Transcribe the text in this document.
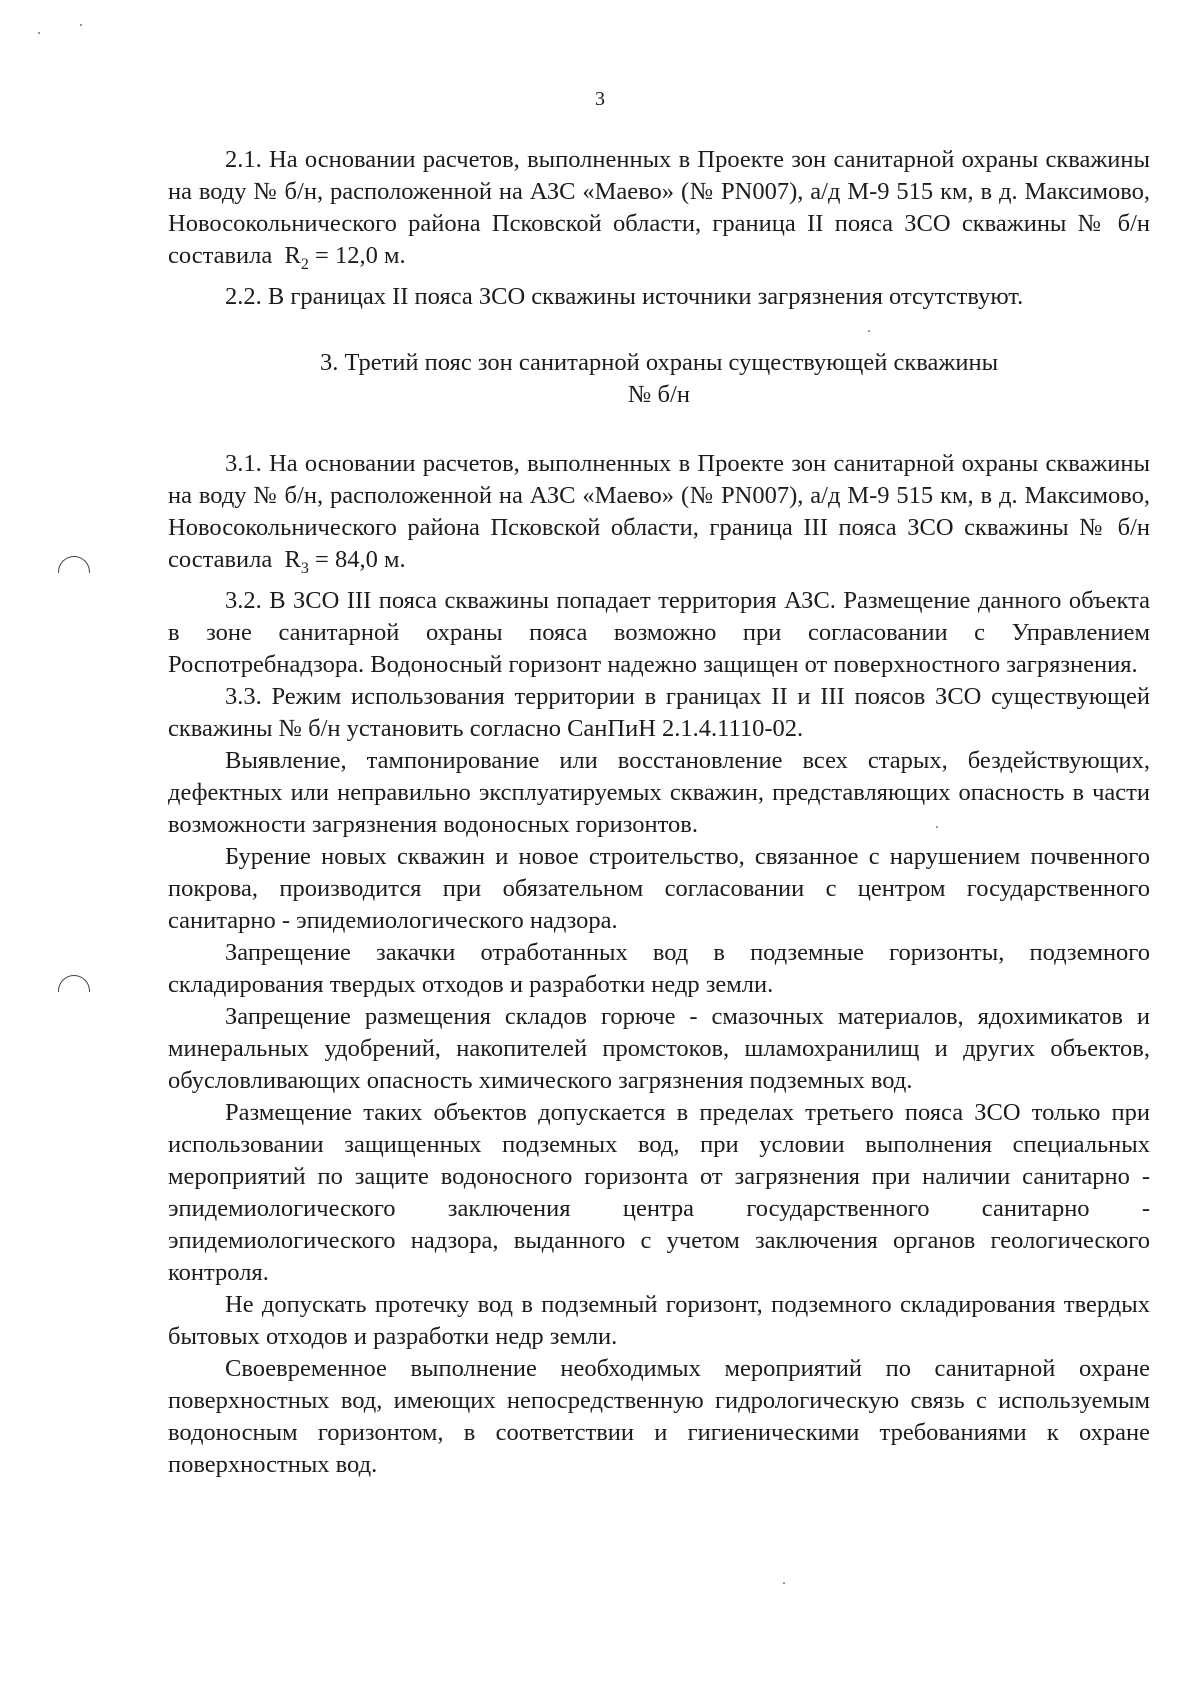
3

2.1. На основании расчетов, выполненных в Проекте зон санитарной охраны скважины на воду № б/н, расположенной на АЗС «Маево» (№ PN007), а/д М-9 515 км, в д. Максимово, Новосокольнического района Псковской области, граница II пояса ЗСО скважины № б/н составила $R_2 = 12,0$ м.

2.2. В границах II пояса ЗСО скважины источники загрязнения отсутствуют.

3. Третий пояс зон санитарной охраны существующей скважины
№ б/н

3.1. На основании расчетов, выполненных в Проекте зон санитарной охраны скважины на воду № б/н, расположенной на АЗС «Маево» (№ PN007), а/д М-9 515 км, в д. Максимово, Новосокольнического района Псковской области, граница III пояса ЗСО скважины № б/н составила $R_3 = 84,0$ м.

3.2. В ЗСО III пояса скважины попадает территория АЗС. Размещение данного объекта в зоне санитарной охраны пояса возможно при согласовании с Управлением Роспотребнадзора. Водоносный горизонт надежно защищен от поверхностного загрязнения.

3.3. Режим использования территории в границах II и III поясов ЗСО существующей скважины № б/н установить согласно СанПиН 2.1.4.1110-02.

Выявление, тампонирование или восстановление всех старых, бездействующих, дефектных или неправильно эксплуатируемых скважин, представляющих опасность в части возможности загрязнения водоносных горизонтов.

Бурение новых скважин и новое строительство, связанное с нарушением почвенного покрова, производится при обязательном согласовании с центром государственного санитарно - эпидемиологического надзора.

Запрещение закачки отработанных вод в подземные горизонты, подземного складирования твердых отходов и разработки недр земли.

Запрещение размещения складов горюче - смазочных материалов, ядохимикатов и минеральных удобрений, накопителей промстоков, шламохранилищ и других объектов, обусловливающих опасность химического загрязнения подземных вод.

Размещение таких объектов допускается в пределах третьего пояса ЗСО только при использовании защищенных подземных вод, при условии выполнения специальных мероприятий по защите водоносного горизонта от загрязнения при наличии санитарно - эпидемиологического заключения центра государственного санитарно - эпидемиологического надзора, выданного с учетом заключения органов геологического контроля.

Не допускать протечку вод в подземный горизонт, подземного складирования твердых бытовых отходов и разработки недр земли.

Своевременное выполнение необходимых мероприятий по санитарной охране поверхностных вод, имеющих непосредственную гидрологическую связь с используемым водоносным горизонтом, в соответствии и гигиеническими требованиями к охране поверхностных вод.
